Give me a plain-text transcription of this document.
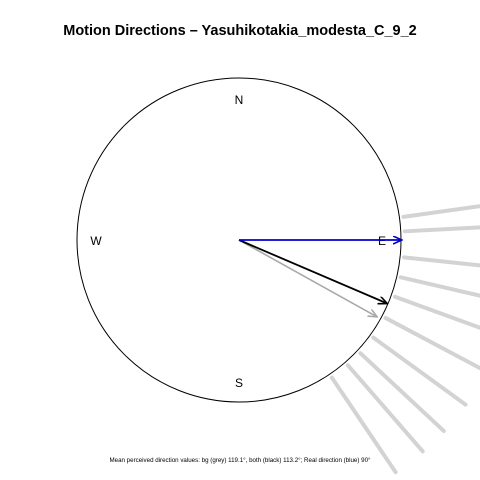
Motion Directions – Yasuhikotakia_modesta_C_9_2
N
S
W	E
Mean perceived direction values: bg (grey) 119.1°, both (black) 113.2°; Real direction (blue) 90°
